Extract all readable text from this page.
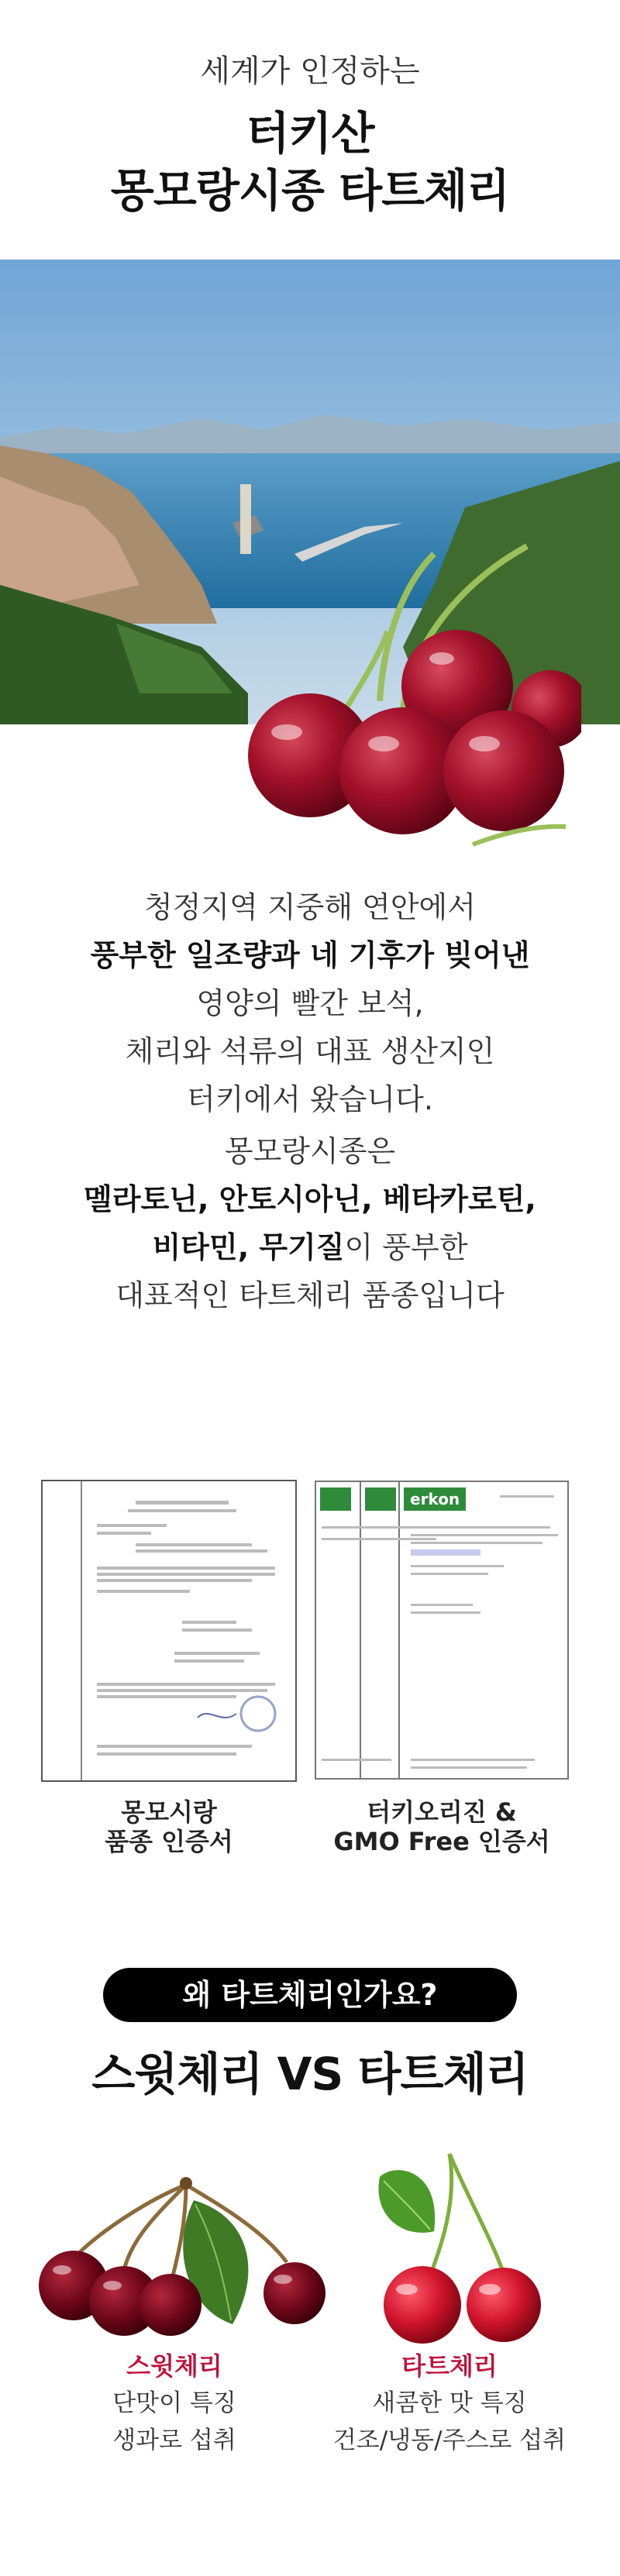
세계가 인정하는
터키산
몽모랑시종 타트체리
청정지역 지중해 연안에서
풍부한 일조량과 네 기후가 빚어낸
영양의 빨간 보석,
체리와 석류의 대표 생산지인
터키에서 왔습니다.
몽모랑시종은
멜라토닌, 안토시아닌, 베타카로틴,
비타민, 무기질이 풍부한
대표적인 타트체리 품종입니다
erkon
몽모시랑
품종 인증서
터키오리진 &
GMO Free 인증서
왜 타트체리인가요?
스윗체리 VS 타트체리
스윗체리
단맛이 특징
생과로 섭취
타트체리
새콤한 맛 특징
건조/냉동/주스로 섭취
